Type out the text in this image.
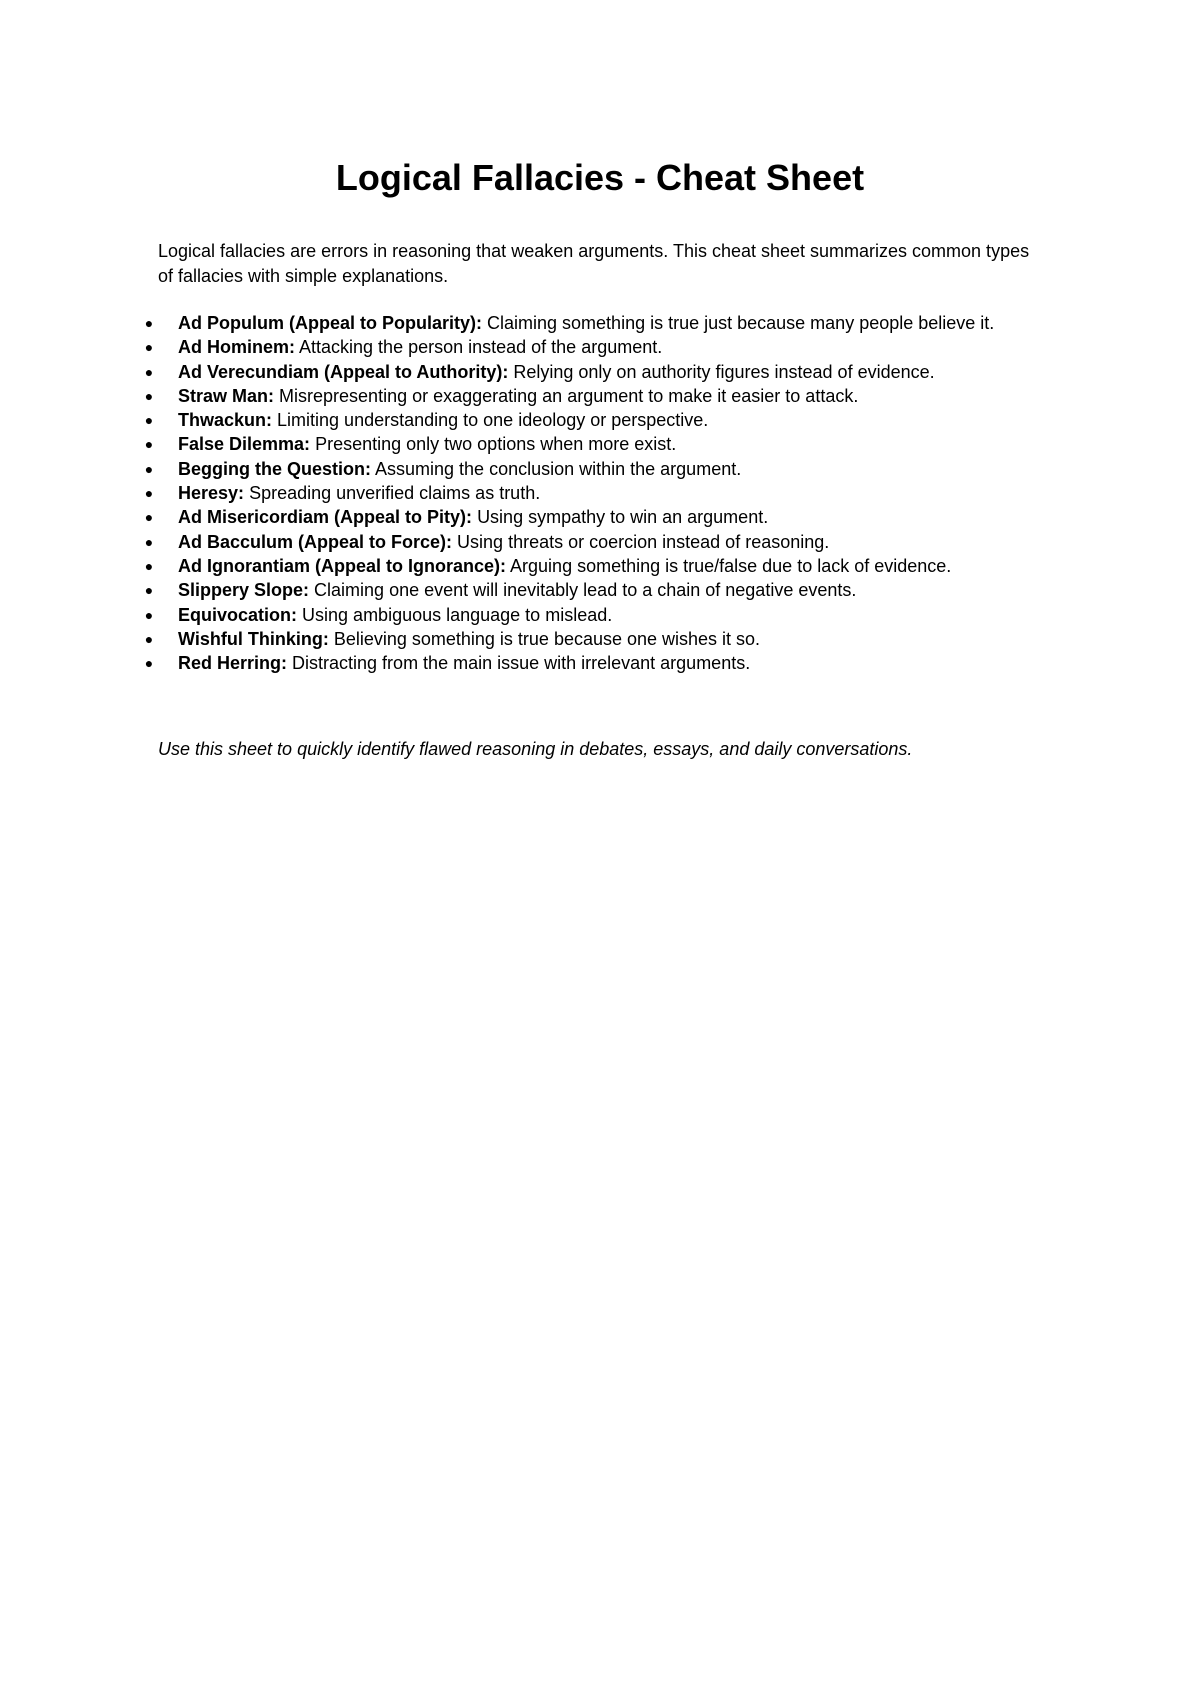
Logical Fallacies - Cheat Sheet

Logical fallacies are errors in reasoning that weaken arguments. This cheat sheet summarizes common types of fallacies with simple explanations.

● Ad Populum (Appeal to Popularity): Claiming something is true just because many people believe it.
● Ad Hominem: Attacking the person instead of the argument.
● Ad Verecundiam (Appeal to Authority): Relying only on authority figures instead of evidence.
● Straw Man: Misrepresenting or exaggerating an argument to make it easier to attack.
● Thwackun: Limiting understanding to one ideology or perspective.
● False Dilemma: Presenting only two options when more exist.
● Begging the Question: Assuming the conclusion within the argument.
● Heresy: Spreading unverified claims as truth.
● Ad Misericordiam (Appeal to Pity): Using sympathy to win an argument.
● Ad Bacculum (Appeal to Force): Using threats or coercion instead of reasoning.
● Ad Ignorantiam (Appeal to Ignorance): Arguing something is true/false due to lack of evidence.
● Slippery Slope: Claiming one event will inevitably lead to a chain of negative events.
● Equivocation: Using ambiguous language to mislead.
● Wishful Thinking: Believing something is true because one wishes it so.
● Red Herring: Distracting from the main issue with irrelevant arguments.

Use this sheet to quickly identify flawed reasoning in debates, essays, and daily conversations.
